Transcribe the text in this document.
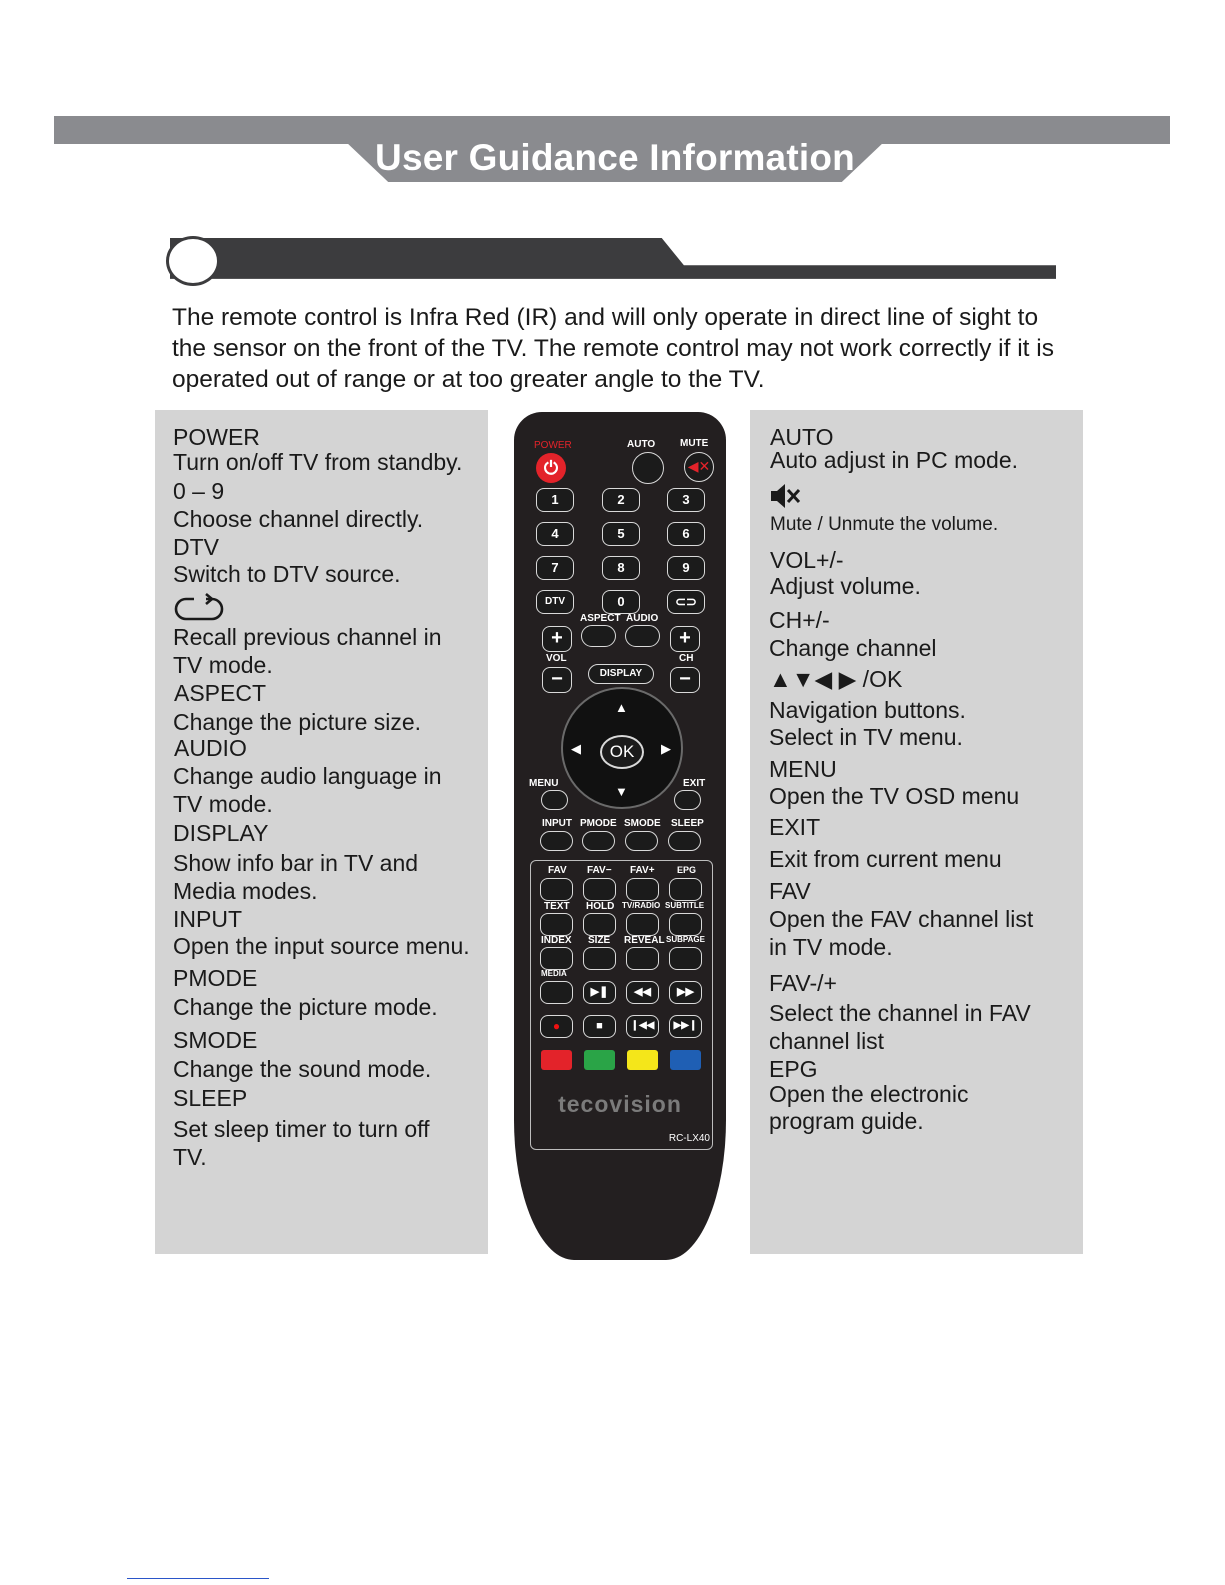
User Guidance Information

The remote control is Infra Red (IR) and will only operate in direct line of sight to

the sensor on the front of the TV. The remote control may not work correctly if it is

operated out of range or at too greater angle to the TV.

POWER
Turn on/off TV from standby.
0 – 9
Choose channel directly.
DTV
Switch to DTV source.
Recall previous channel in
TV mode.
ASPECT
Change the picture size.
AUDIO
Change audio language in
TV mode.
DISPLAY
Show info bar in TV and
Media modes.
INPUT
Open the input source menu.
PMODE
Change the picture mode.
SMODE
Change the sound mode.
SLEEP
Set sleep timer to turn off
TV.
AUTO
Auto adjust in PC mode.
Mute / Unmute the volume.
VOL+/-
Adjust volume.
CH+/-
Change channel
▲▼◀ ▶ /OK
Navigation buttons.
Select in TV menu.
MENU
Open the TV OSD menu
EXIT
Exit from current menu
FAV
Open the FAV channel list
in TV mode.
FAV-/+
Select the channel in FAV
channel list
EPG
Open the electronic
program guide.
POWER
⏻
AUTO MUTE
◀✕
1	2	3
4	5	6
7	8	9
DTV	0	⊂⊃
ASPECT AUDIO
+	+
VOL	CH
−	−
DISPLAY
▲
▼
◀	▶
OK
MENU	EXIT
INPUT PMODE SMODE SLEEP
FAV FAV− FAV+ EPG
TEXT HOLD TV/RADIO SUBTITLE
INDEX SIZE REVEAL SUBPAGE
MEDIA
▶❚	◀◀	▶▶
●	■	❙◀◀	▶▶❙
tecovision
RC-LX40
